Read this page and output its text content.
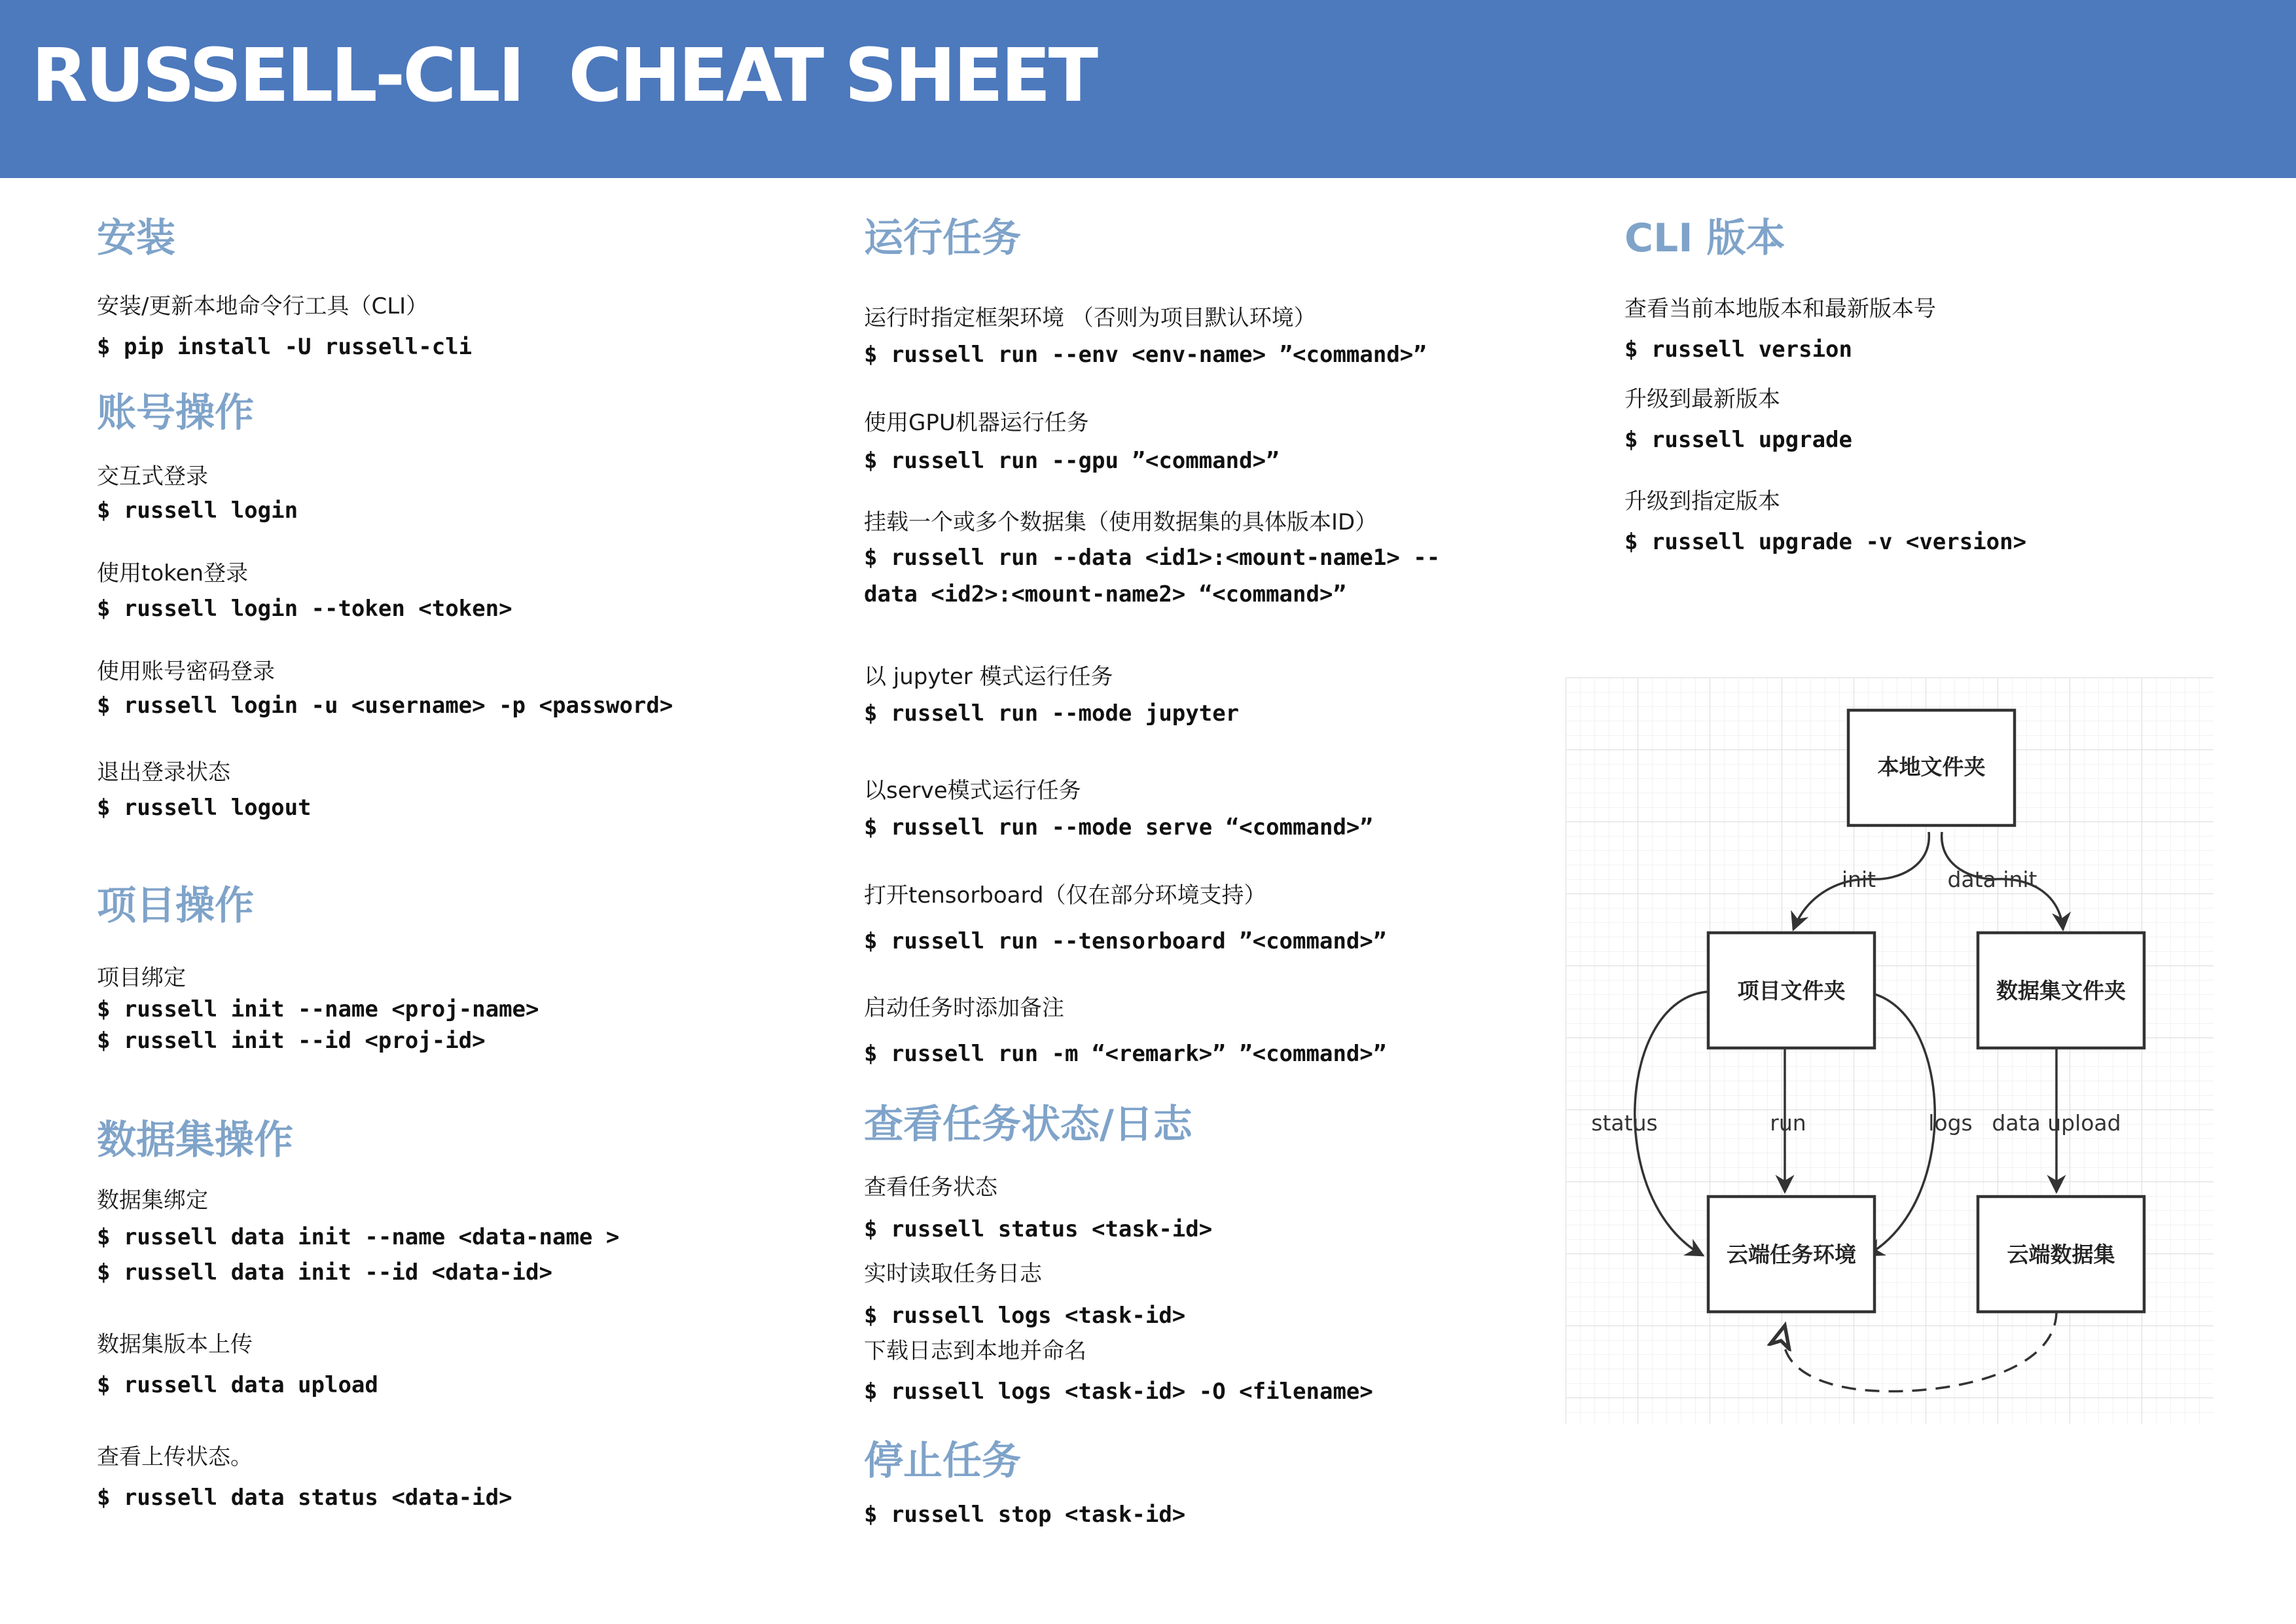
RUSSELL-CLI  CHEAT SHEET
安装
安装/更新本地命令行工具（CLI）
$ pip install -U russell-cli
账号操作
交互式登录
$ russell login
使用token登录
$ russell login --token <token>
使用账号密码登录
$ russell login -u <username> -p <password>
退出登录状态
$ russell logout
项目操作
项目绑定
$ russell init --name <proj-name>
$ russell init --id <proj-id>
数据集操作
数据集绑定
$ russell data init --name <data-name >
$ russell data init --id <data-id>
数据集版本上传
$ russell data upload
查看上传状态。
$ russell data status <data-id>
运行任务
运行时指定框架环境 （否则为项目默认环境）
$ russell run --env <env-name> ”<command>”
使用GPU机器运行任务
$ russell run --gpu ”<command>”
挂载一个或多个数据集（使用数据集的具体版本ID）
$ russell run --data <id1>:<mount-name1> --
data <id2>:<mount-name2> “<command>”
以 jupyter 模式运行任务
$ russell run --mode jupyter
以serve模式运行任务
$ russell run --mode serve “<command>”
打开tensorboard（仅在部分环境支持）
$ russell run --tensorboard ”<command>”
启动任务时添加备注
$ russell run -m “<remark>” ”<command>”
查看任务状态/日志
查看任务状态
$ russell status <task-id>
实时读取任务日志
$ russell logs <task-id>
下载日志到本地并命名
$ russell logs <task-id> -O <filename>
停止任务
$ russell stop <task-id>
CLI 版本
查看当前本地版本和最新版本号
$ russell version
升级到最新版本
$ russell upgrade
升级到指定版本
$ russell upgrade -v <version>
本地文件夹
项目文件夹	数据集文件夹
云端任务环境	云端数据集
init	data init
status	run	logs data upload
